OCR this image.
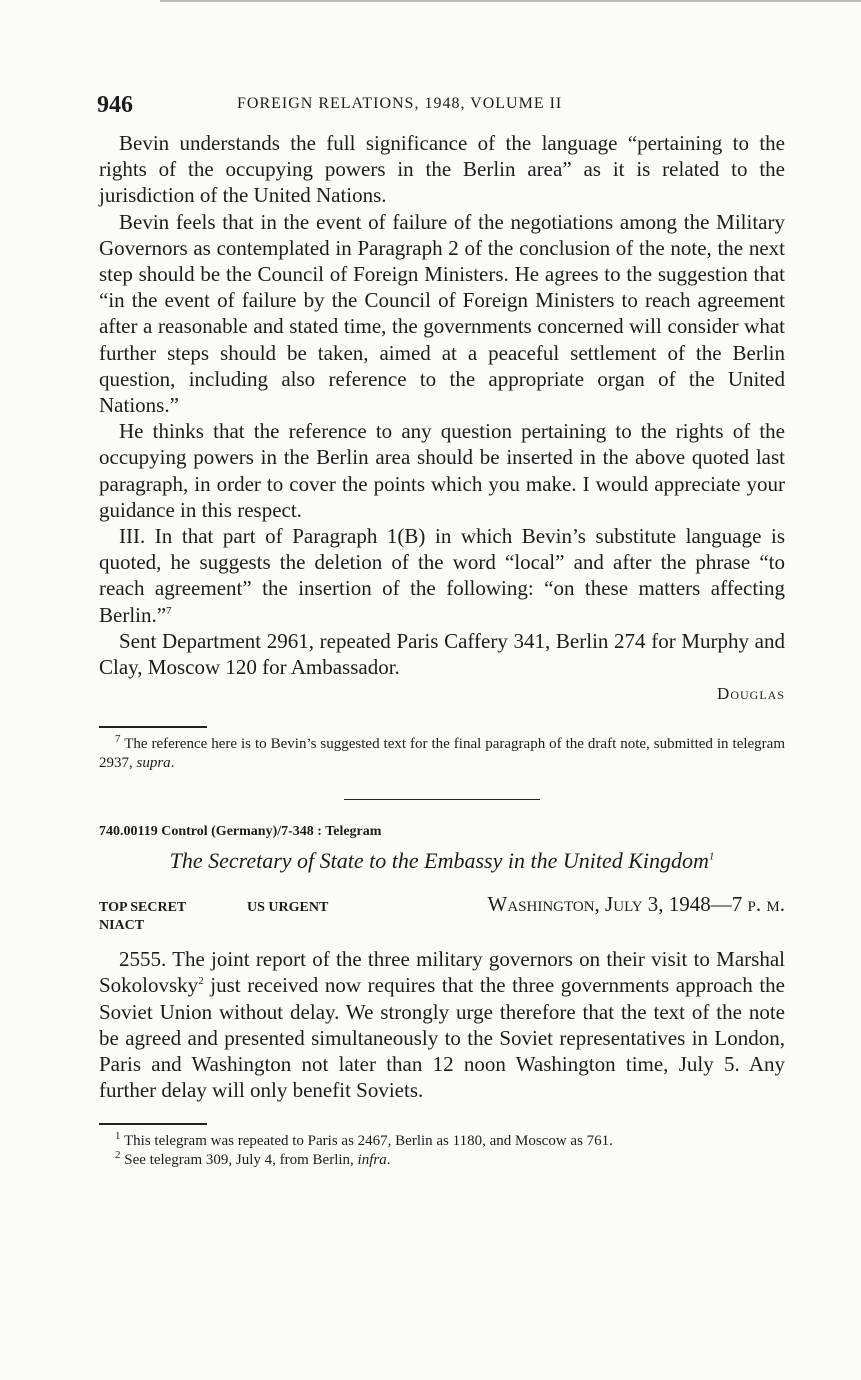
946	FOREIGN RELATIONS, 1948, VOLUME II

Bevin understands the full significance of the language “pertaining to the rights of the occupying powers in the Berlin area” as it is related to the jurisdiction of the United Nations.

Bevin feels that in the event of failure of the negotiations among the Military Governors as contemplated in Paragraph 2 of the conclusion of the note, the next step should be the Council of Foreign Ministers. He agrees to the suggestion that “in the event of failure by the Council of Foreign Ministers to reach agreement after a reasonable and stated time, the governments concerned will consider what further steps should be taken, aimed at a peaceful settlement of the Berlin question, including also reference to the appropriate organ of the United Nations.”

He thinks that the reference to any question pertaining to the rights of the occupying powers in the Berlin area should be inserted in the above quoted last paragraph, in order to cover the points which you make. I would appreciate your guidance in this respect.

III. In that part of Paragraph 1(B) in which Bevin’s substitute language is quoted, he suggests the deletion of the word “local” and after the phrase “to reach agreement” the insertion of the following: “on these matters affecting Berlin.”$^7$

Sent Department 2961, repeated Paris Caffery 341, Berlin 274 for Murphy and Clay, Moscow 120 for Ambassador.

Douglas

$^7$ The reference here is to Bevin’s suggested text for the final paragraph of the draft note, submitted in telegram 2937, supra.

740.00119 Control (Germany)/7-348 : Telegram

The Secretary of State to the Embassy in the United Kingdom$^1$
TOP SECRET	US URGENT	Washington, July 3, 1948—7 p. m.

NIACT

2555. The joint report of the three military governors on their visit to Marshal Sokolovsky$^2$ just received now requires that the three governments approach the Soviet Union without delay. We strongly urge therefore that the text of the note be agreed and presented simultaneously to the Soviet representatives in London, Paris and Washington not later than 12 noon Washington time, July 5. Any further delay will only benefit Soviets.

$^1$ This telegram was repeated to Paris as 2467, Berlin as 1180, and Moscow as 761.

$^2$ See telegram 309, July 4, from Berlin, infra.
